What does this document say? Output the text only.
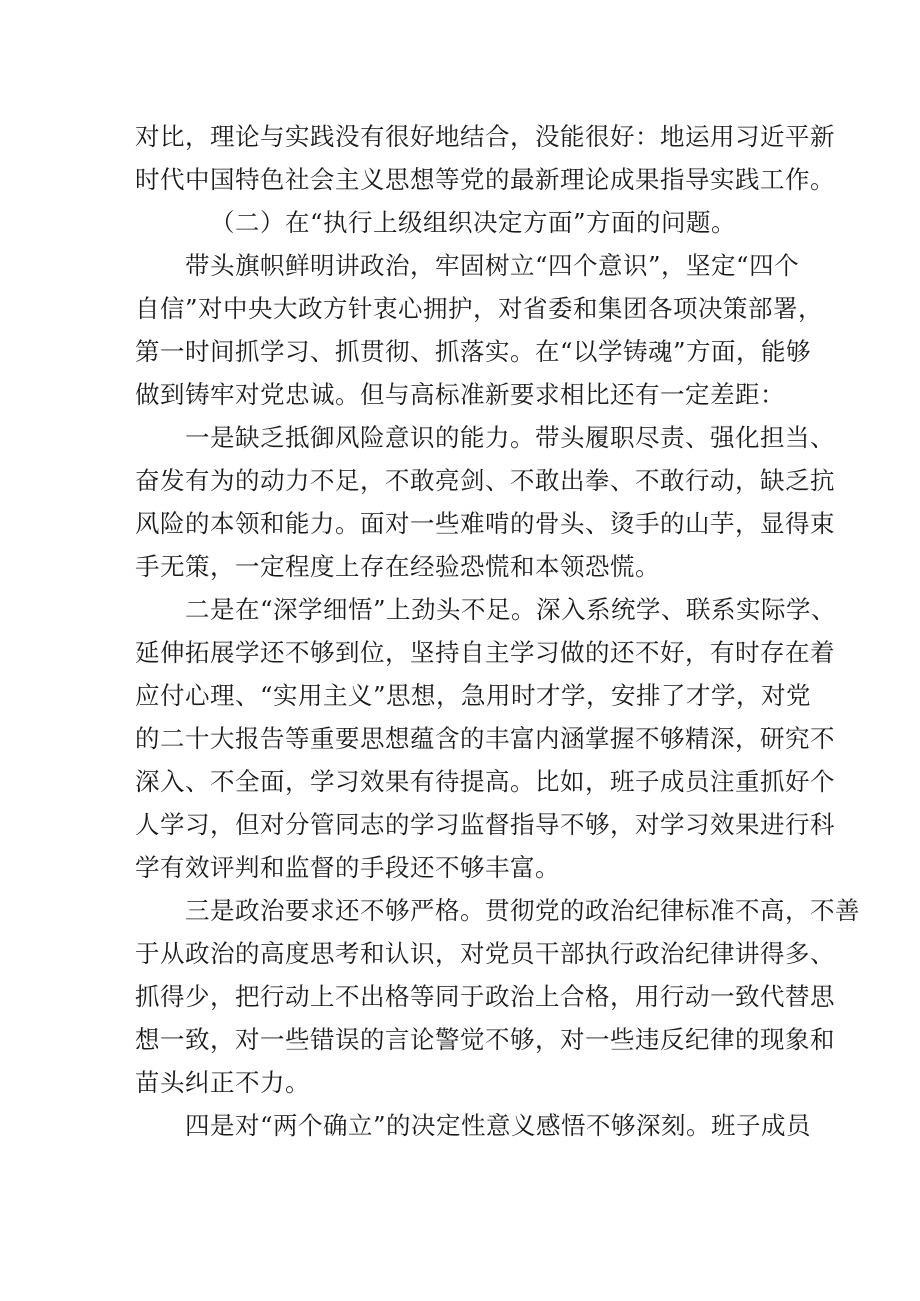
对比，理论与实践没有很好地结合，没能很好：地运用习近平新
时代中国特色社会主义思想等党的最新理论成果指导实践工作。
（二）在“执行上级组织决定方面”方面的问题。
带头旗帜鲜明讲政治，牢固树立“四个意识”，坚定“四个
自信”对中央大政方针衷心拥护，对省委和集团各项决策部署，
第一时间抓学习、抓贯彻、抓落实。在“以学铸魂”方面，能够
做到铸牢对党忠诚。但与高标准新要求相比还有一定差距：
一是缺乏抵御风险意识的能力。带头履职尽责、强化担当、
奋发有为的动力不足，不敢亮剑、不敢出拳、不敢行动，缺乏抗
风险的本领和能力。面对一些难啃的骨头、烫手的山芋，显得束
手无策，一定程度上存在经验恐慌和本领恐慌。
二是在“深学细悟”上劲头不足。深入系统学、联系实际学、
延伸拓展学还不够到位，坚持自主学习做的还不好，有时存在着
应付心理、“实用主义”思想，急用时才学，安排了才学，对党
的二十大报告等重要思想蕴含的丰富内涵掌握不够精深，研究不
深入、不全面，学习效果有待提高。比如，班子成员注重抓好个
人学习，但对分管同志的学习监督指导不够，对学习效果进行科
学有效评判和监督的手段还不够丰富。
三是政治要求还不够严格。贯彻党的政治纪律标准不高，不善
于从政治的高度思考和认识，对党员干部执行政治纪律讲得多、
抓得少，把行动上不出格等同于政治上合格，用行动一致代替思
想一致，对一些错误的言论警觉不够，对一些违反纪律的现象和
苗头纠正不力。
四是对“两个确立”的决定性意义感悟不够深刻。班子成员
